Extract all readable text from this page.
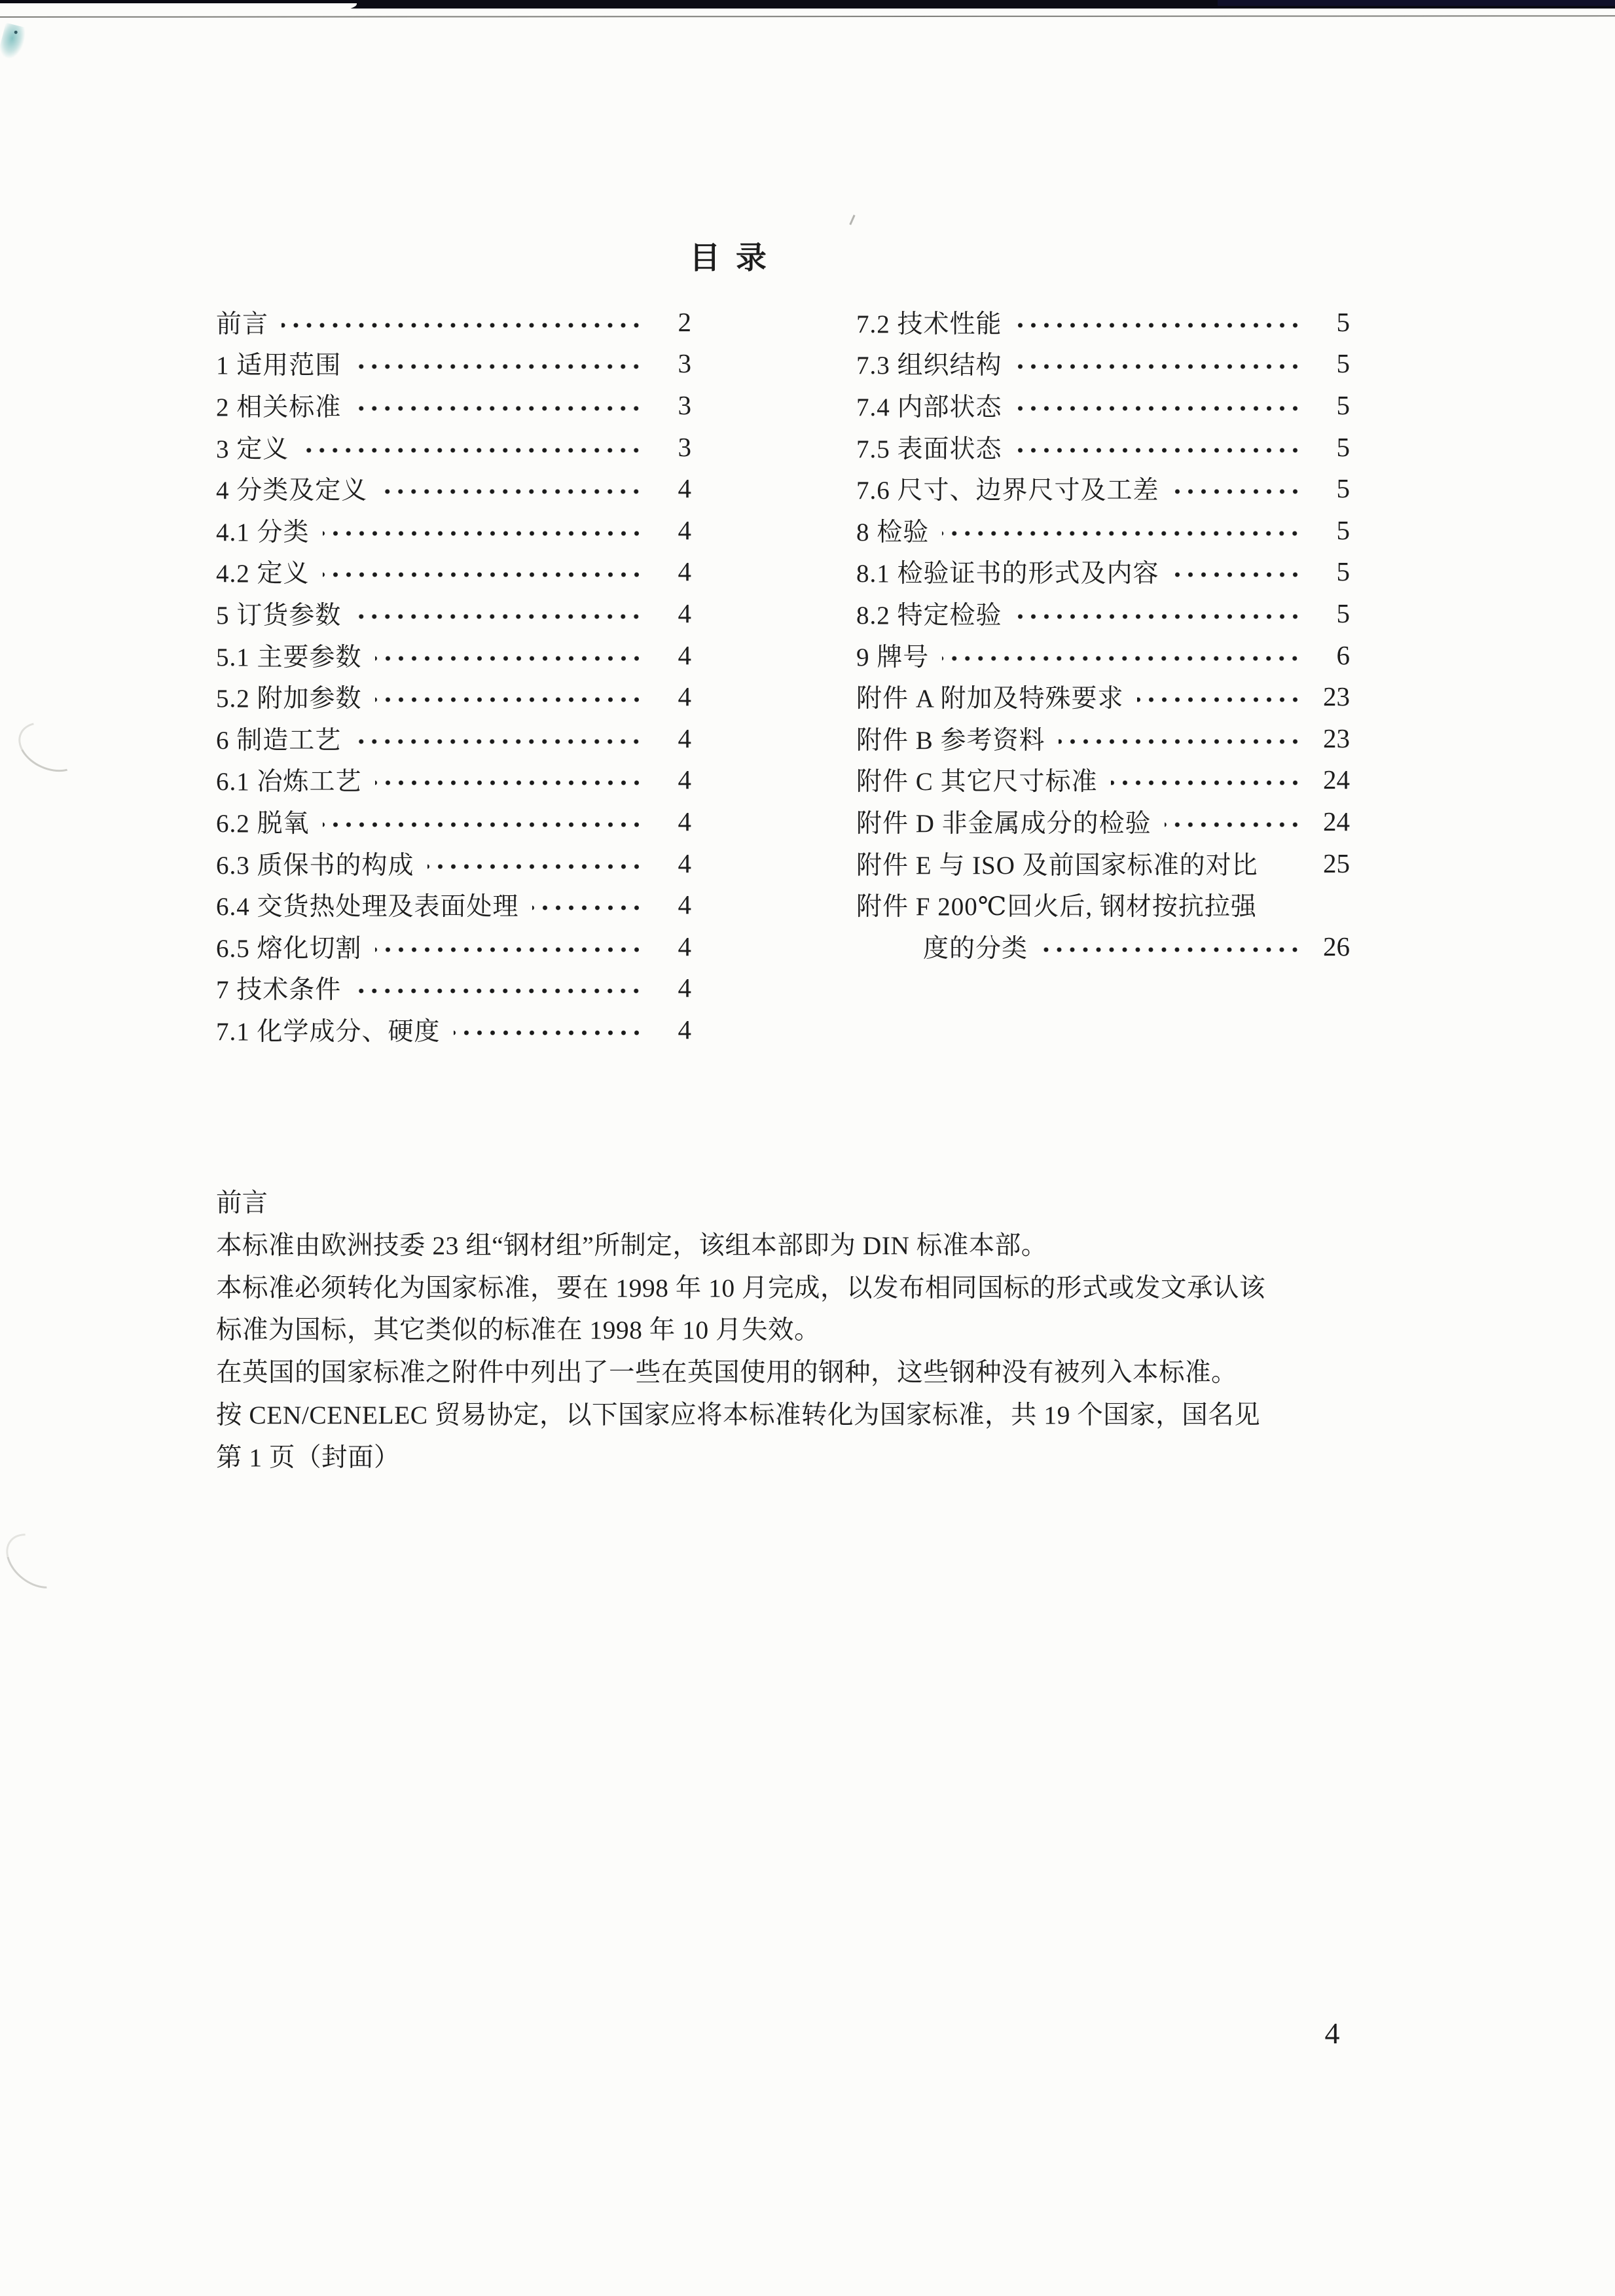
目 录
前言	2
1 适用范围	3
2 相关标准	3
3 定义	3
4 分类及定义	4
4.1 分类	4
4.2 定义	4
5 订货参数	4
5.1 主要参数	4
5.2 附加参数	4
6 制造工艺	4
6.1 冶炼工艺	4
6.2 脱氧	4
6.3 质保书的构成	4
6.4 交货热处理及表面处理	4
6.5 熔化切割	4
7 技术条件	4
7.1 化学成分、硬度	4
7.2 技术性能	5
7.3 组织结构	5
7.4 内部状态	5
7.5 表面状态	5
7.6 尺寸、边界尺寸及工差	5
8 检验	5
8.1 检验证书的形式及内容	5
8.2 特定检验	5
9 牌号	6
附件 A 附加及特殊要求	23
附件 B 参考资料	23
附件 C 其它尺寸标准	24
附件 D 非金属成分的检验	24
附件 E 与 ISO 及前国家标准的对比	25
附件 F 200℃回火后, 钢材按抗拉强
度的分类	26
前言
本标准由欧洲技委 23 组“钢材组”所制定，该组本部即为 DIN 标准本部。
本标准必须转化为国家标准，要在 1998 年 10 月完成，以发布相同国标的形式或发文承认该
标准为国标，其它类似的标准在 1998 年 10 月失效。
在英国的国家标准之附件中列出了一些在英国使用的钢种，这些钢种没有被列入本标准。
按 CEN/CENELEC 贸易协定，以下国家应将本标准转化为国家标准，共 19 个国家，国名见
第 1 页（封面）
4
